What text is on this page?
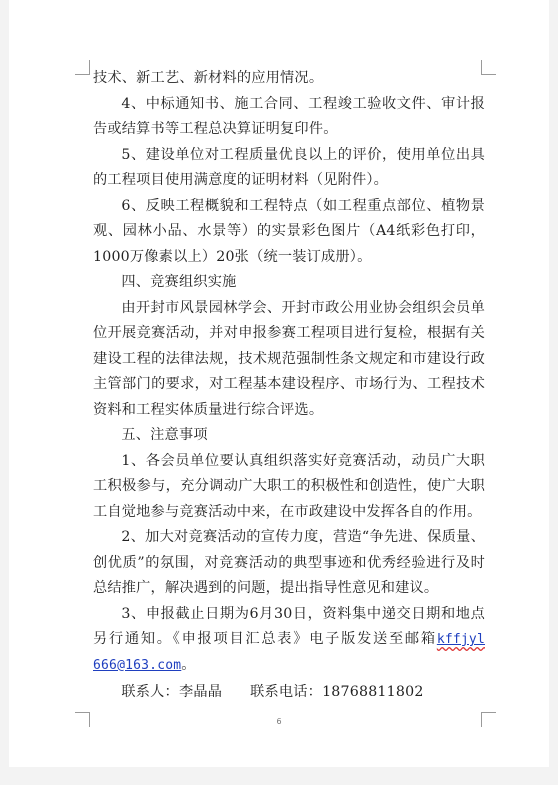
技术、新工艺、新材料的应用情况。

4、中标通知书、施工合同、工程竣工验收文件、审计报告或结算书等工程总决算证明复印件。

5、建设单位对工程质量优良以上的评价，使用单位出具的工程项目使用满意度的证明材料（见附件）。

6、反映工程概貌和工程特点（如工程重点部位、植物景观、园林小品、水景等）的实景彩色图片（A4纸彩色打印，1000万像素以上）20张（统一装订成册）。

四、竞赛组织实施

由开封市风景园林学会、开封市政公用业协会组织会员单位开展竞赛活动，并对申报参赛工程项目进行复检，根据有关建设工程的法律法规，技术规范强制性条文规定和市建设行政主管部门的要求，对工程基本建设程序、市场行为、工程技术资料和工程实体质量进行综合评选。

五、注意事项

1、各会员单位要认真组织落实好竞赛活动，动员广大职工积极参与，充分调动广大职工的积极性和创造性，使广大职工自觉地参与竞赛活动中来，在市政建设中发挥各自的作用。

2、加大对竞赛活动的宣传力度，营造“争先进、保质量、创优质”的氛围，对竞赛活动的典型事迹和优秀经验进行及时总结推广，解决遇到的问题，提出指导性意见和建议。

3、申报截止日期为6月30日，资料集中递交日期和地点另行通知。《申报项目汇总表》电子版发送至邮箱kffjyl 666@163.com。

联系人：李晶晶 联系电话：18768811802

6
